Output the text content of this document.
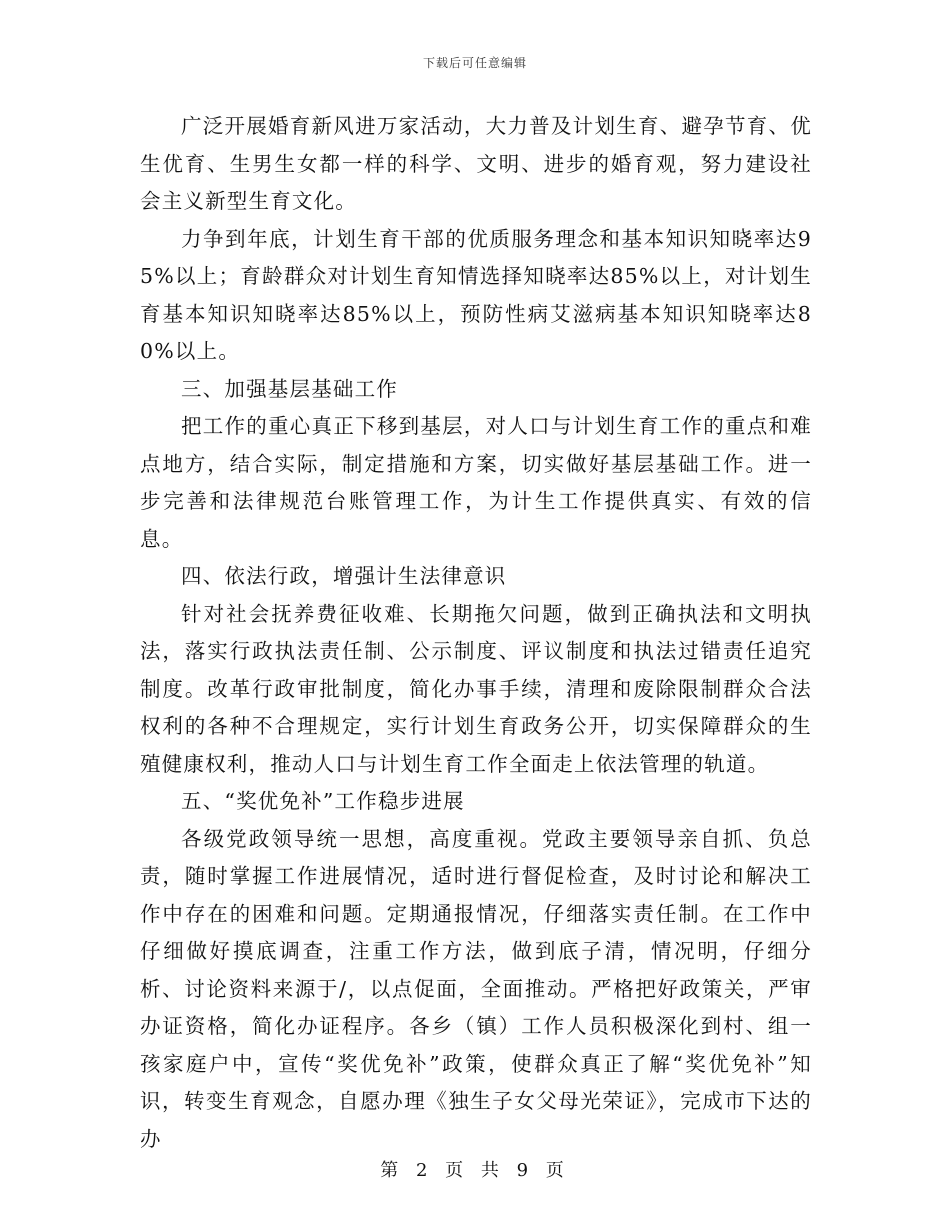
下载后可任意编辑

广泛开展婚育新风进万家活动，大力普及计划生育、避孕节育、优生优育、生男生女都一样的科学、文明、进步的婚育观，努力建设社会主义新型生育文化。

力争到年底，计划生育干部的优质服务理念和基本知识知晓率达95%以上；育龄群众对计划生育知情选择知晓率达85%以上，对计划生育基本知识知晓率达85%以上，预防性病艾滋病基本知识知晓率达80%以上。

三、加强基层基础工作

把工作的重心真正下移到基层，对人口与计划生育工作的重点和难点地方，结合实际，制定措施和方案，切实做好基层基础工作。进一步完善和法律规范台账管理工作，为计生工作提供真实、有效的信息。

四、依法行政，增强计生法律意识

针对社会抚养费征收难、长期拖欠问题，做到正确执法和文明执法，落实行政执法责任制、公示制度、评议制度和执法过错责任追究制度。改革行政审批制度，简化办事手续，清理和废除限制群众合法权利的各种不合理规定，实行计划生育政务公开，切实保障群众的生殖健康权利，推动人口与计划生育工作全面走上依法管理的轨道。

五、“奖优免补”工作稳步进展

各级党政领导统一思想，高度重视。党政主要领导亲自抓、负总责，随时掌握工作进展情况，适时进行督促检查，及时讨论和解决工作中存在的困难和问题。定期通报情况，仔细落实责任制。在工作中仔细做好摸底调查，注重工作方法，做到底子清，情况明，仔细分析、讨论资料来源于/，以点促面，全面推动。严格把好政策关，严审办证资格，简化办证程序。各乡（镇）工作人员积极深化到村、组一孩家庭户中，宣传“奖优免补”政策，使群众真正了解“奖优免补”知识，转变生育观念，自愿办理《独生子女父母光荣证》，完成市下达的办

第 2 页 共 9 页
